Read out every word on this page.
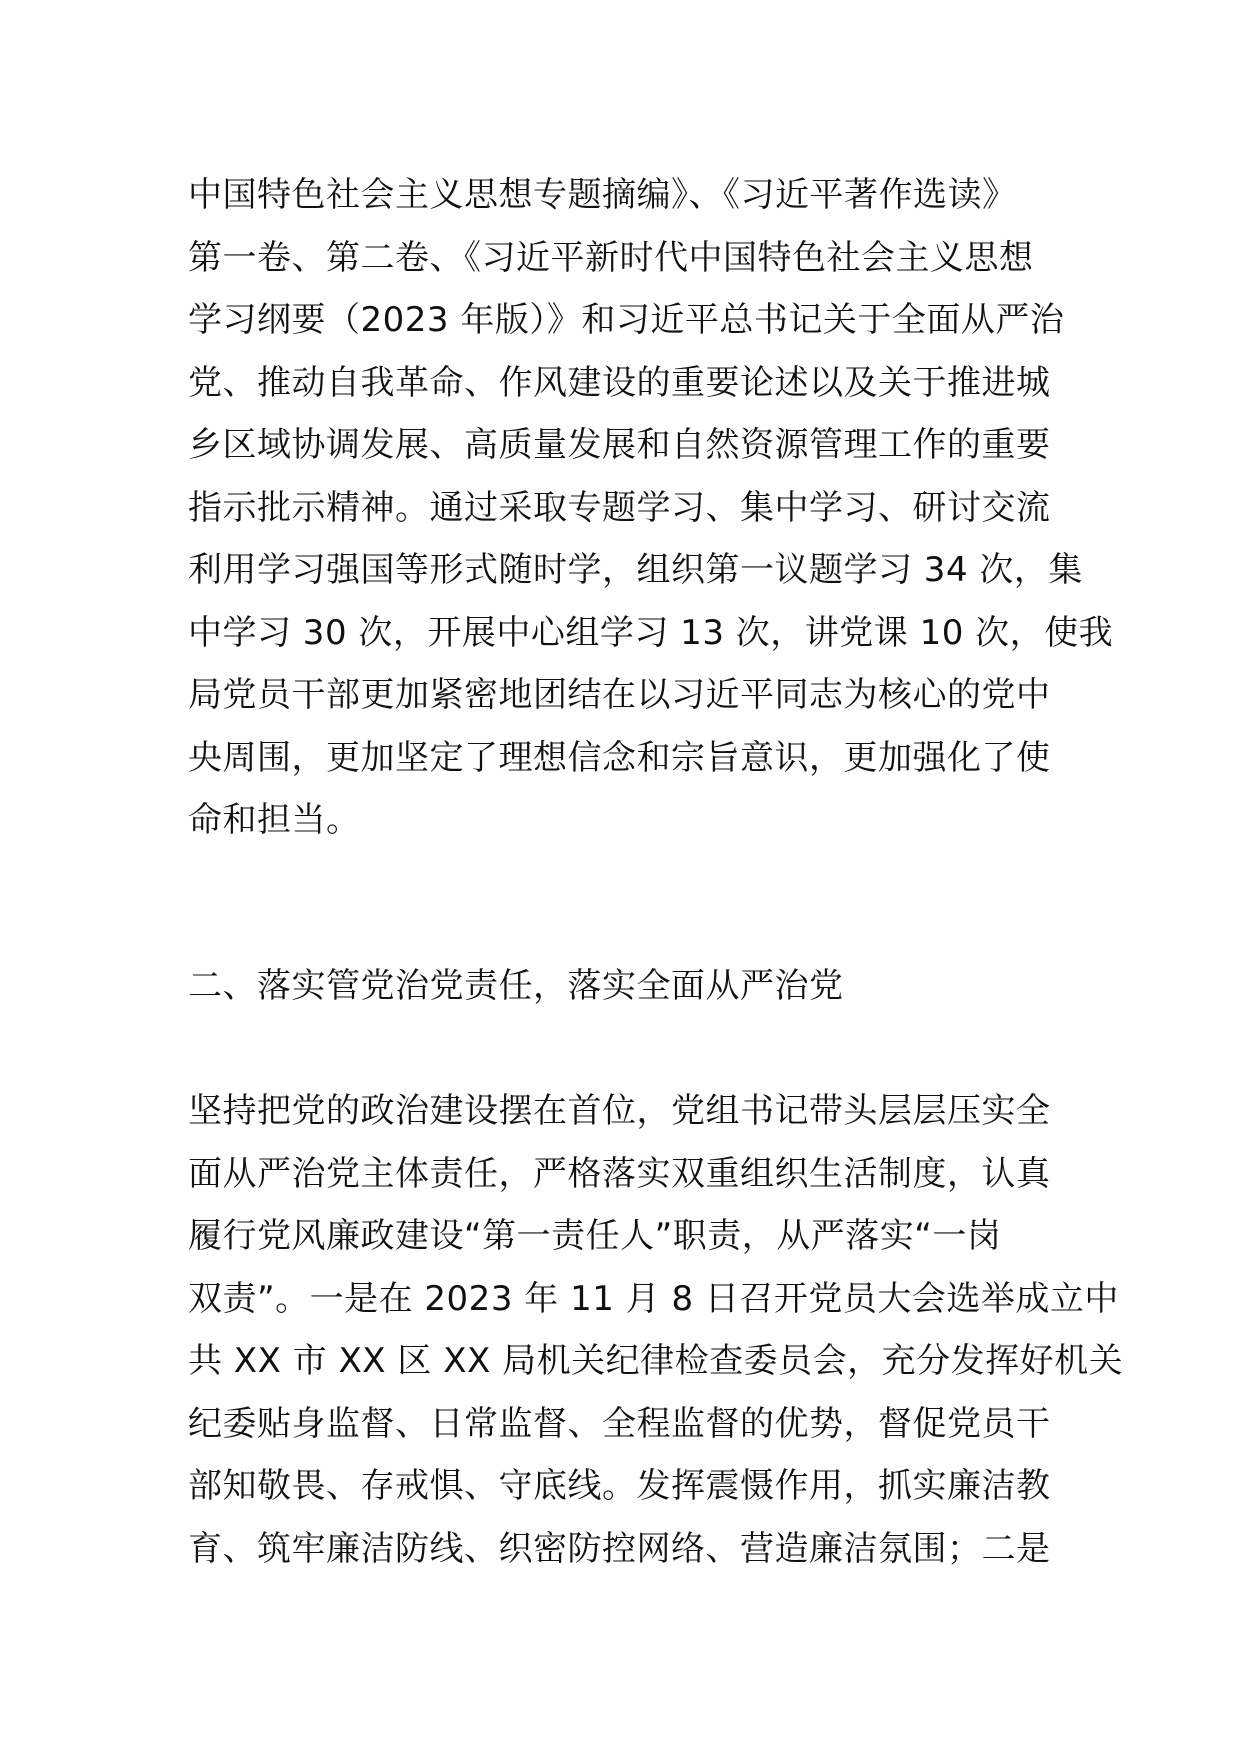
中国特色社会主义思想专题摘编》、《习近平著作选读》
第一卷、第二卷、《习近平新时代中国特色社会主义思想
学习纲要（2023 年版）》和习近平总书记关于全面从严治
党、推动自我革命、作风建设的重要论述以及关于推进城
乡区域协调发展、高质量发展和自然资源管理工作的重要
指示批示精神。通过采取专题学习、集中学习、研讨交流
利用学习强国等形式随时学，组织第一议题学习 34 次，集
中学习 30 次，开展中心组学习 13 次，讲党课 10 次，使我
局党员干部更加紧密地团结在以习近平同志为核心的党中
央周围，更加坚定了理想信念和宗旨意识，更加强化了使
命和担当。
二、落实管党治党责任，落实全面从严治党
坚持把党的政治建设摆在首位，党组书记带头层层压实全
面从严治党主体责任，严格落实双重组织生活制度，认真
履行党风廉政建设“第一责任人”职责，从严落实“一岗
双责”。一是在 2023 年 11 月 8 日召开党员大会选举成立中
共 XX 市 XX 区 XX 局机关纪律检查委员会，充分发挥好机关
纪委贴身监督、日常监督、全程监督的优势，督促党员干
部知敬畏、存戒惧、守底线。发挥震慑作用，抓实廉洁教
育、筑牢廉洁防线、织密防控网络、营造廉洁氛围；二是
